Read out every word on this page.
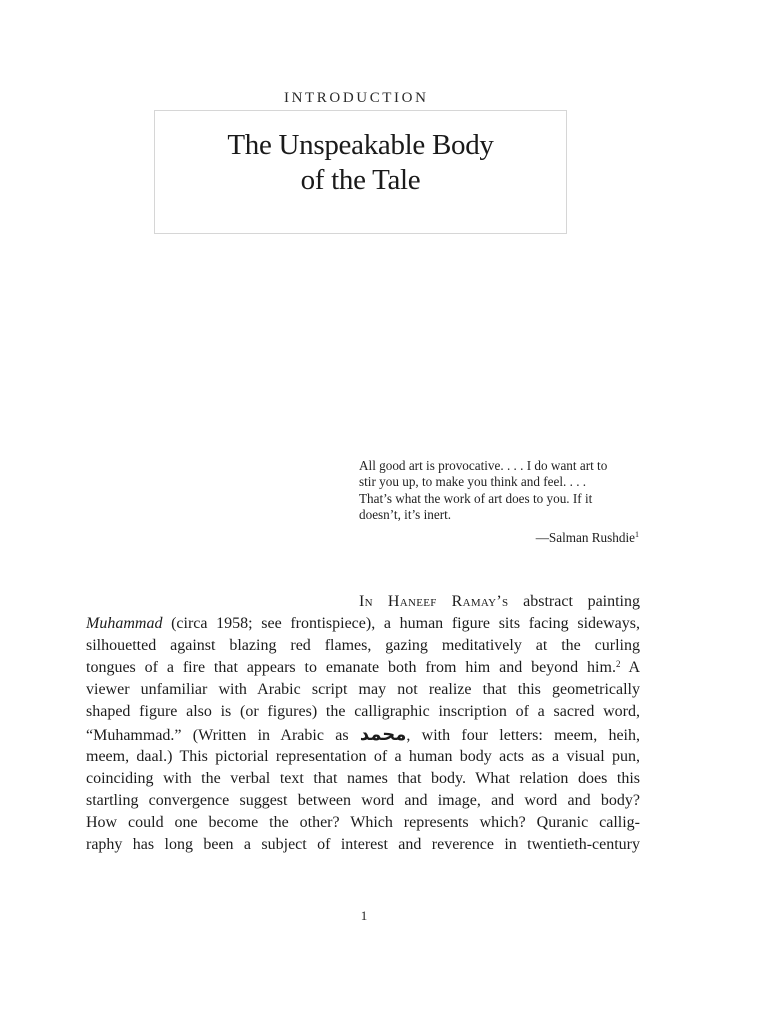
INTRODUCTION
The Unspeakable Body
of the Tale
All good art is provocative. . . . I do want art to
stir you up, to make you think and feel. . . .
That’s what the work of art does to you. If it
doesn’t, it’s inert.
—Salman Rushdie$^1$
In Haneef Ramay’s abstract painting
Muhammad (circa 1958; see frontispiece), a human figure sits facing sideways,
silhouetted against blazing red flames, gazing meditatively at the curling
tongues of a fire that appears to emanate both from him and beyond him.$^2$ A
viewer unfamiliar with Arabic script may not realize that this geometrically
shaped figure also is (or figures) the calligraphic inscription of a sacred word,
“Muhammad.” (Written in Arabic as محمد, with four letters: meem, heih,
meem, daal.) This pictorial representation of a human body acts as a visual pun,
coinciding with the verbal text that names that body. What relation does this
startling convergence suggest between word and image, and word and body?
How could one become the other? Which represents which? Quranic callig-
raphy has long been a subject of interest and reverence in twentieth-century
1
